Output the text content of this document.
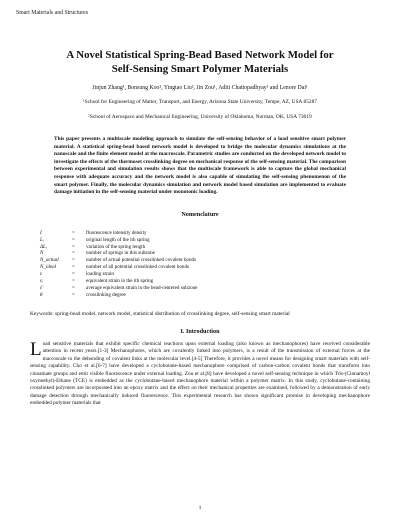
Smart Materials and Structures
A Novel Statistical Spring-Bead Based Network Model for
Self-Sensing Smart Polymer Materials
Jinjun Zhang¹, Bonsung Koo¹, Yingtao Liu², Jin Zou¹, Aditi Chattopadhyay¹ and Lenore Dai¹
¹School for Engineering of Matter, Transport, and Energy, Arizona State University, Tempe, AZ, USA 85287
²School of Aerospace and Mechanical Engineering, University of Oklahoma, Norman, OK, USA 73019
This paper presents a multiscale modeling approach to simulate the self-sensing behavior of a load sensitive smart polymer material. A statistical spring-bead based network model is developed to bridge the molecular dynamics simulations at the nanoscale and the finite element model at the macroscale. Parametric studies are conducted on the developed network model to investigate the effects of the thermoset crosslinking degree on mechanical response of the self-sensing material. The comparison between experimental and simulation results shows that the multiscale framework is able to capture the global mechanical response with adequate accuracy and the network model is also capable of simulating the self-sensing phenomenon of the smart polymer. Finally, the molecular dynamics simulation and network model based simulation are implemented to evaluate damage initiation in the self-sensing material under monotonic loading.
Nomenclature
I	=	fluorescence intensity density
Lᵢ	=	original length of the ith spring
ΔLᵢ	=	variation of the spring length
N	=	number of springs in this subzone
N_actual	=	number of actual potential crosslinked covalent bonds
N_ideal	=	number of all potential crosslinked covalent bonds
ε	=	loading strain
εᵢ	=	equivalent strain in the ith spring
ε̄	=	average equivalent strain in the bead-centered subzone
θ	=	crosslinking degree
Keywords: spring-bead model, network model, statistical distribution of crosslinking degree, self-sensing smart material
I. Introduction
Load sensitive materials that exhibit specific chemical reactions upon external loading (also known as mechanophores) have received considerable attention in recent years.[1-3] Mechanophores, which are covalently linked into polymers, is a result of the transmission of external forces at the macroscale to the debonding of covalent links at the molecular level.[4-5] Therefore, it provides a novel means for designing smart materials with self-sensing capability. Cho et al.[6-7] have developed a cyclobutane-based mechanophore comprised of carbon-carbon covalent bonds that transform into cinnamate groups and emit visible fluorescence under external loading. Zou et al.[8] have developed a novel self-sensing technique in which Tris-(Cinnamoyl oxymethyl)-Ethane (TCE) is embedded as the cyclobutane-based mechanophore material within a polymer matrix. In this study, cyclobutane-containing crosslinked polymers are incorporated into an epoxy matrix and the effect on their mechanical properties are examined, followed by a demonstration of early damage detection through mechanically induced fluorescence. This experimental research has shown significant promise in developing mechanophore embedded polymer materials that
1
